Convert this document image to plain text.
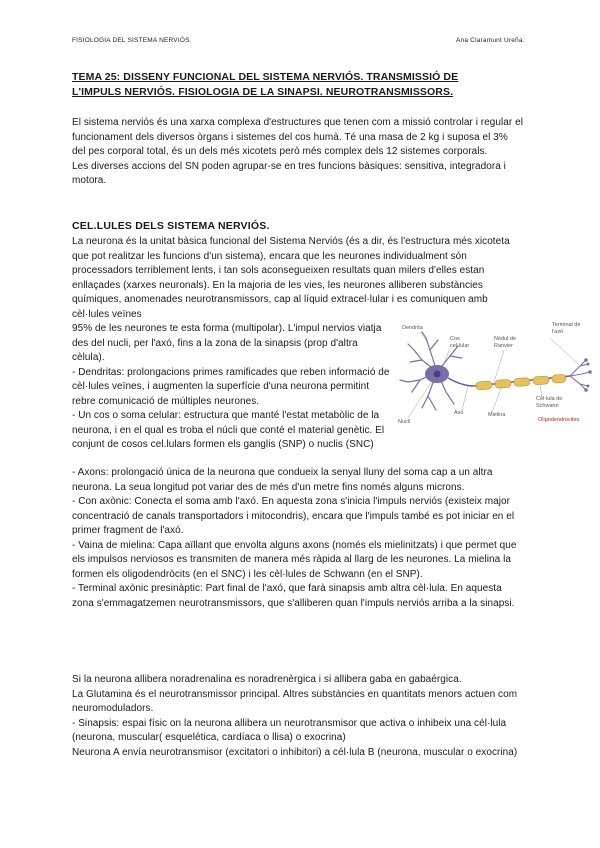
FISIOLOGIA DEL SISTEMA NERVIÓS.	Ana Claramunt Ureña.
TEMA 25: DISSENY FUNCIONAL DEL SISTEMA NERVIÓS. TRANSMISSIÓ DE L'IMPULS NERVIÓS. FISIOLOGIA DE LA SINAPSI. NEUROTRANSMISSORS.

El sistema nerviós és una xarxa complexa d'estructures que tenen com a missió controlar i regular el funcionament dels diversos òrgans i sistemes del cos humà. Té una masa de 2 kg i suposa el 3% del pes corporal total, és un dels més xicotets però més complex dels 12 sistemes corporals.

Les diverses accions del SN poden agrupar-se en tres funcions bàsiques: sensitiva, integradora i motora.

CEL.LULES DELS SISTEMA NERVIÓS.

La neurona és la unitat bàsica funcional del Sistema Nerviós (és a dir, és l'estructura més xicoteta que pot realitzar les funcions d'un sistema), encara que les neurones individualment són processadors terriblement lents, i tan sols aconsegueixen resultats quan milers d'elles estan enllaçades (xarxes neuronals). En la majoria de les vies, les neurones alliberen substàncies químiques, anomenades neurotransmissors, cap al líquid extracel·lular i es comuniquen amb cèl·lules veïnes

95% de les neurones te esta forma (multipolar). L'impul nervios viatja des del nucli, per l'axó, fins a la zona de la sinapsis (prop d'altra cèlula).

- Dendritas: prolongacions primes ramificades que reben informació de cèl·lules veïnes, i augmenten la superfície d'una neurona permitint rebre comunicació de múltiples neurones.

- Un cos o soma celular: estructura que manté l'estat metabòlic de la neurona, i en el qual es troba el núcli que conté el material genètic. El conjunt de cosos cel.lulars formen els ganglis (SNP) o nuclis (SNC)

Dendrita
Cos cel·lular
Nòdul de Ranvier
Terminal de l'axó
Axó
Nucli
Mielina
Cèl·lula de Schwann
Oligodendrocites

- Axons: prolongació única de la neurona que condueix la senyal lluny del soma cap a un altra neurona. La seua longitud pot variar des de més d'un metre fins només alguns microns.

- Con axònic: Conecta el soma amb l'axó. En aquesta zona s'inicia l'impuls nerviós (existeix major concentració de canals transportadors i mitocondris), encara que l'impuls també es pot iniciar en el primer fragment de l'axó.

- Vaina de mielina: Capa aïllant que envolta alguns axons (només els mielinitzats) i que permet que els impulsos nerviosos es transmiten de manera més ràpida al llarg de les neurones. La mielina la formen els oligodendròcits (en el SNC) i les cèl·lules de Schwann (en el SNP).

- Terminal axònic presinàptic: Part final de l'axó, que farà sinapsis amb altra cèl·lula. En aquesta zona s'emmagatzemen neurotransmissors, que s'alliberen quan l'impuls nerviós arriba a la sinapsi.

Si la neurona allibera noradrenalina es noradrenèrgica i si allibera gaba en gabaérgica.

La Glutamina és el neurotransmissor principal. Altres substàncies en quantitats menors actuen com neuromoduladors.

- Sinapsis: espai físic on la neurona allibera un neurotransmisor que activa o inhibeix una cél·lula (neurona, muscular( esquelética, cardíaca o llisa) o exocrina)

Neurona A envía neurotransmisor (excitatori o inhibitori) a cél·lula B (neurona, muscular o exocrina)
